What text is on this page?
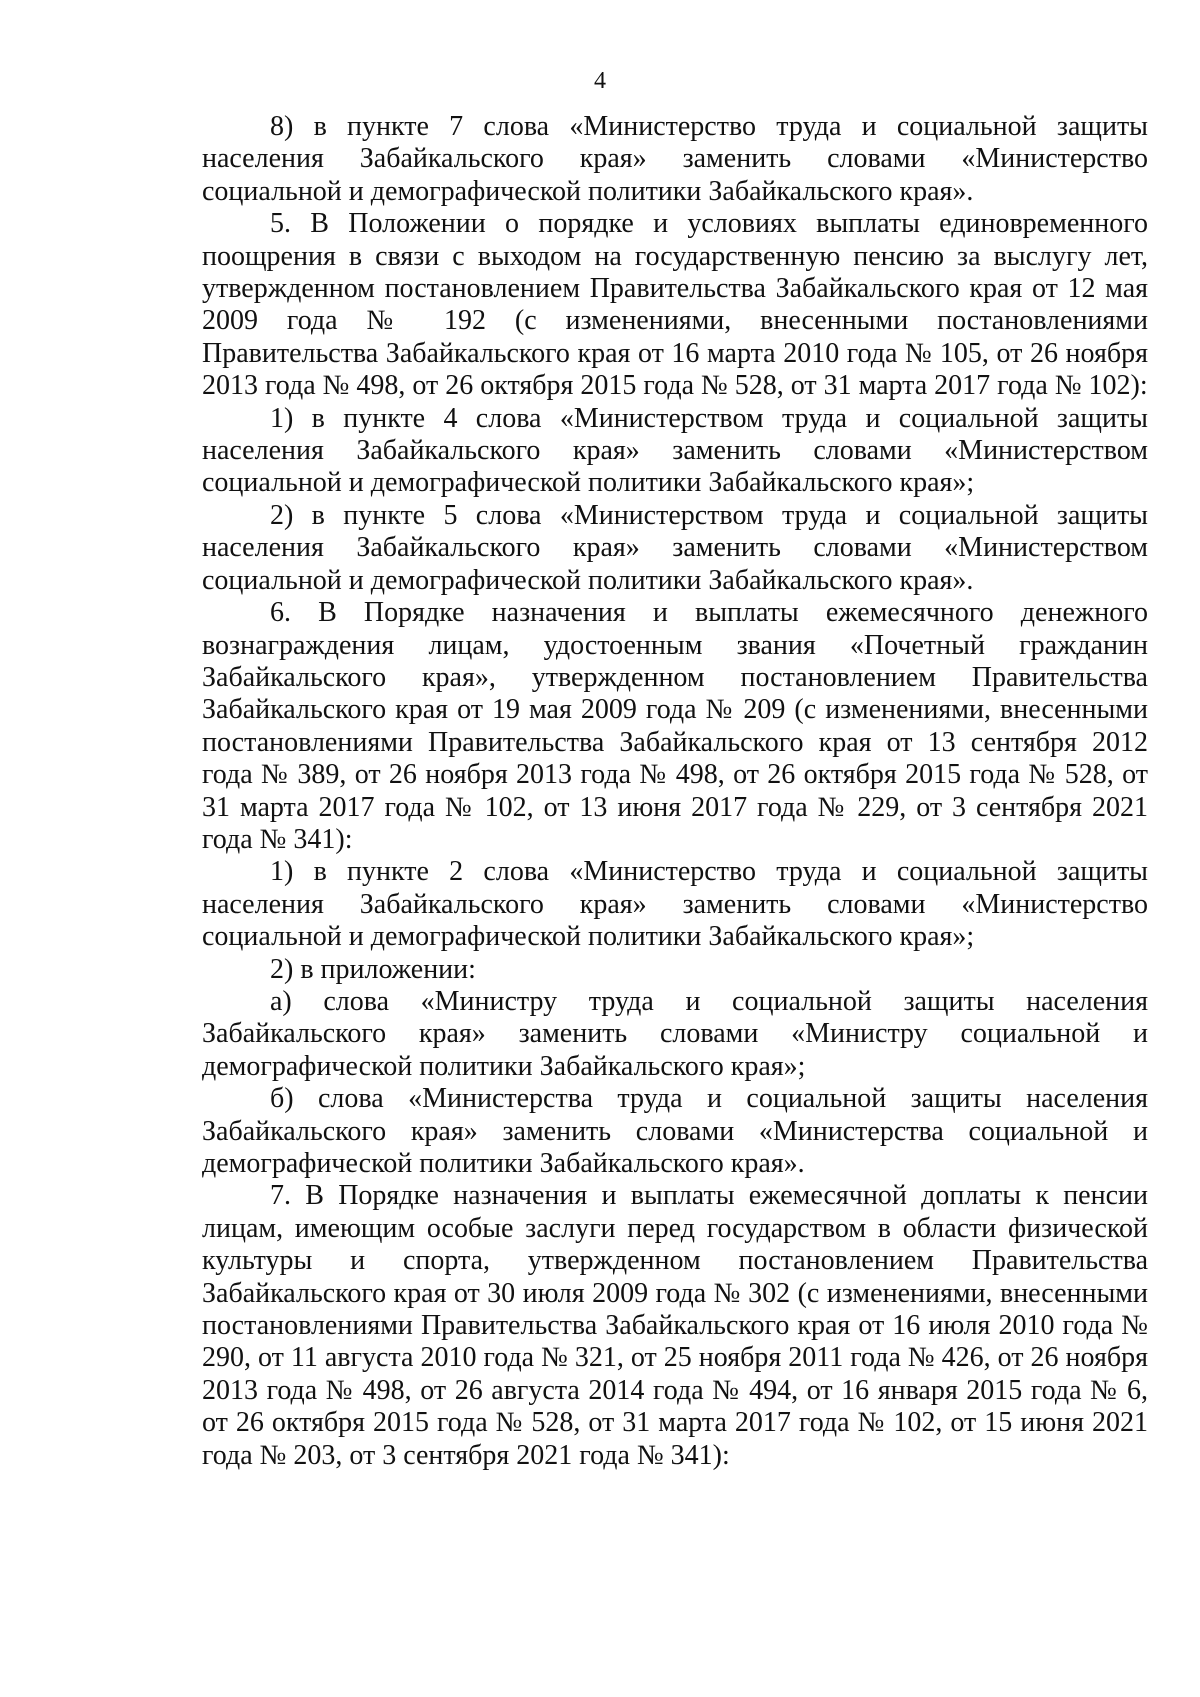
4

8) в пункте 7 слова «Министерство труда и социальной защиты населения Забайкальского края» заменить словами «Министерство социальной и демографической политики Забайкальского края».

5. В Положении о порядке и условиях выплаты единовременного поощрения в связи с выходом на государственную пенсию за выслугу лет, утвержденном постановлением Правительства Забайкальского края от 12 мая 2009 года № 192 (с изменениями, внесенными постановлениями Правительства Забайкальского края от 16 марта 2010 года № 105, от 26 ноября 2013 года № 498, от 26 октября 2015 года № 528, от 31 марта 2017 года № 102):

1) в пункте 4 слова «Министерством труда и социальной защиты населения Забайкальского края» заменить словами «Министерством социальной и демографической политики Забайкальского края»;

2) в пункте 5 слова «Министерством труда и социальной защиты населения Забайкальского края» заменить словами «Министерством социальной и демографической политики Забайкальского края».

6. В Порядке назначения и выплаты ежемесячного денежного вознаграждения лицам, удостоенным звания «Почетный гражданин Забайкальского края», утвержденном постановлением Правительства Забайкальского края от 19 мая 2009 года № 209 (с изменениями, внесенными постановлениями Правительства Забайкальского края от 13 сентября 2012 года № 389, от 26 ноября 2013 года № 498, от 26 октября 2015 года № 528, от 31 марта 2017 года № 102, от 13 июня 2017 года № 229, от 3 сентября 2021 года № 341):

1) в пункте 2 слова «Министерство труда и социальной защиты населения Забайкальского края» заменить словами «Министерство социальной и демографической политики Забайкальского края»;

2) в приложении:

а) слова «Министру труда и социальной защиты населения Забайкальского края» заменить словами «Министру социальной и демографической политики Забайкальского края»;

б) слова «Министерства труда и социальной защиты населения Забайкальского края» заменить словами «Министерства социальной и демографической политики Забайкальского края».

7. В Порядке назначения и выплаты ежемесячной доплаты к пенсии лицам, имеющим особые заслуги перед государством в области физической культуры и спорта, утвержденном постановлением Правительства Забайкальского края от 30 июля 2009 года № 302 (с изменениями, внесенными постановлениями Правительства Забайкальского края от 16 июля 2010 года № 290, от 11 августа 2010 года № 321, от 25 ноября 2011 года № 426, от 26 ноября 2013 года № 498, от 26 августа 2014 года № 494, от 16 января 2015 года № 6, от 26 октября 2015 года № 528, от 31 марта 2017 года № 102, от 15 июня 2021 года № 203, от 3 сентября 2021 года № 341):
